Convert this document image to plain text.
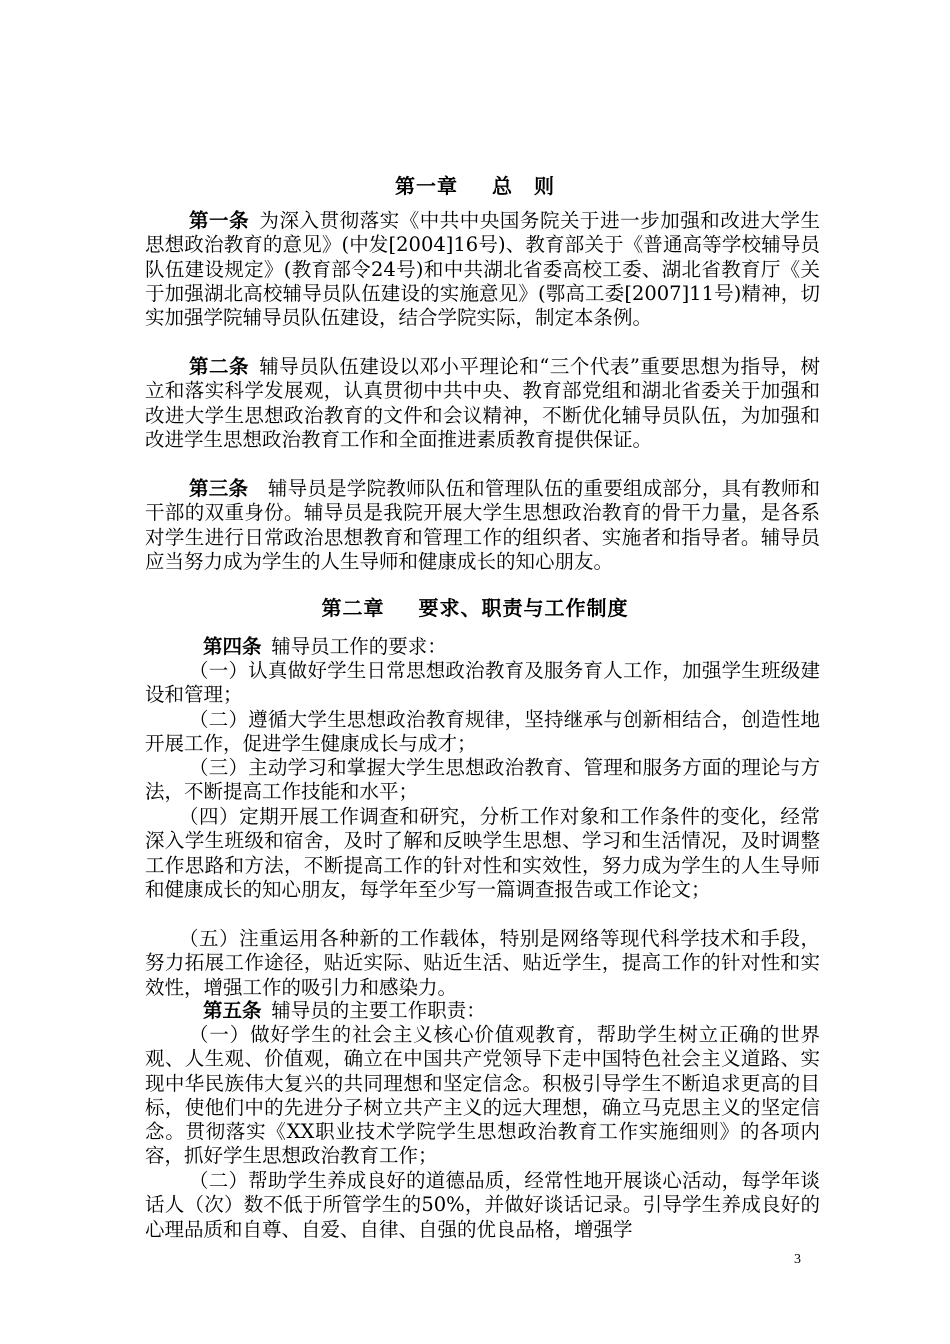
第一章 总　则
第一条  为深入贯彻落实《中共中央国务院关于进一步加强和改进大学生思想政治教育的意见》(中发[2004]16号)、教育部关于《普通高等学校辅导员队伍建设规定》(教育部令24号)和中共湖北省委高校工委、湖北省教育厅《关于加强湖北高校辅导员队伍建设的实施意见》(鄂高工委[2007]11号)精神，切实加强学院辅导员队伍建设，结合学院实际，制定本条例。
第二条  辅导员队伍建设以邓小平理论和“三个代表”重要思想为指导，树立和落实科学发展观，认真贯彻中共中央、教育部党组和湖北省委关于加强和改进大学生思想政治教育的文件和会议精神，不断优化辅导员队伍，为加强和改进学生思想政治教育工作和全面推进素质教育提供保证。
第三条  辅导员是学院教师队伍和管理队伍的重要组成部分，具有教师和干部的双重身份。辅导员是我院开展大学生思想政治教育的骨干力量，是各系对学生进行日常政治思想教育和管理工作的组织者、实施者和指导者。辅导员应当努力成为学生的人生导师和健康成长的知心朋友。
第二章 要求、职责与工作制度
第四条  辅导员工作的要求：
（一）认真做好学生日常思想政治教育及服务育人工作，加强学生班级建设和管理；
（二）遵循大学生思想政治教育规律，坚持继承与创新相结合，创造性地开展工作，促进学生健康成长与成才；
（三）主动学习和掌握大学生思想政治教育、管理和服务方面的理论与方法，不断提高工作技能和水平；
（四）定期开展工作调查和研究，分析工作对象和工作条件的变化，经常深入学生班级和宿舍，及时了解和反映学生思想、学习和生活情况，及时调整工作思路和方法，不断提高工作的针对性和实效性，努力成为学生的人生导师和健康成长的知心朋友，每学年至少写一篇调查报告或工作论文；
（五）注重运用各种新的工作载体，特别是网络等现代科学技术和手段，努力拓展工作途径，贴近实际、贴近生活、贴近学生，提高工作的针对性和实效性，增强工作的吸引力和感染力。
第五条  辅导员的主要工作职责：
（一）做好学生的社会主义核心价值观教育，帮助学生树立正确的世界观、人生观、价值观，确立在中国共产党领导下走中国特色社会主义道路、实现中华民族伟大复兴的共同理想和坚定信念。积极引导学生不断追求更高的目标，使他们中的先进分子树立共产主义的远大理想，确立马克思主义的坚定信念。贯彻落实《XX职业技术学院学生思想政治教育工作实施细则》的各项内容，抓好学生思想政治教育工作；
（二）帮助学生养成良好的道德品质，经常性地开展谈心活动，每学年谈话人（次）数不低于所管学生的50%，并做好谈话记录。引导学生养成良好的心理品质和自尊、自爱、自律、自强的优良品格，增强学
3
